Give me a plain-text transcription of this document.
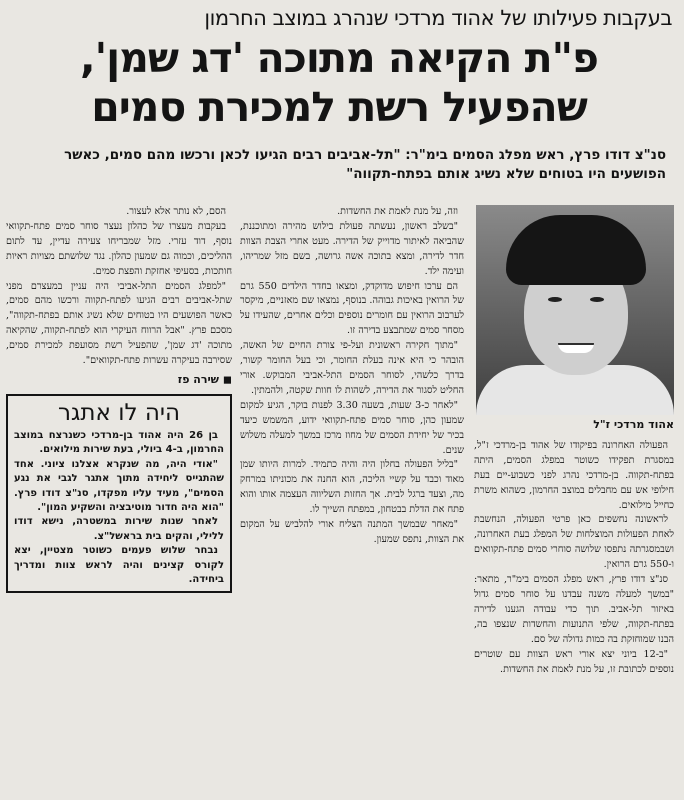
בעקבות פעילותו של אהוד מרדכי שנהרג במוצב החרמון
פ"ת הקיאה מתוכה 'דג שמן',
שהפעיל רשת למכירת סמים
סנ"צ דודו פרץ, ראש מפלג הסמים בימ"ר: "תל-אביבים רבים הגיעו לכאן ורכשו מהם סמים, כאשר הפושעים היו בטוחים שלא נשיג אותם בפתח-תקווה"
אהוד מרדכי ז"ל

הפעולה האחרונה בפיקודו של אהוד בן-מרדכי ז"ל, במסגרת תפקידו כשוטר במפלג הסמים, היתה בפתח-תקווה. בן-מרדכי נהרג לפני כשבוע-יים בעת חילופי אש עם מחבלים במוצב החרמון, כשהוא משרת כחייל מילואים.

לראשונה נחשפים כאן פרטי הפעולה, הנחשבת לאחת הפעולות המוצלחות של המפלג בעת האחרונה, ושבמסגרתה נתפסו שלושה סוחרי סמים פתח-תקוואים ו-550 גרם הרואין.

סנ"צ דודו פרץ, ראש מפלג הסמים בימ"ר, מתאר: "במשך למעלה משנה עבדנו על סוחר סמים גדול באיזור תל-אביב. תוך כדי עבודה הגענו לדירה בפתח-תקווה, שלפי התנועות והחשדות שנצפו בה, הבנו שמוחזקת בה כמות גדולה של סם.

"ב-12 ביוני יצא אורי ראש הצוות עם שוטרים נוספים לכתובת זו, על מנת לאמת את החשדות.

וזה, על מנת לאמת את החשדות.

"בשלב ראשון, נעשתה פעולת בילוש מהירה ומתוכננת, שהביאה לאיתור מדוייק של הדירה. מעט אחרי הצבת הצוות חדר לדירה, ומצא בתוכה אשה גרושה, בשם מזל שמריהו, ועימה ילד.

הם ערכו חיפוש מדוקדק, ומצאו בחדר הילדים 550 גרם של הרואין באיכות גבוהה. בנוסף, נמצאו שם מאזניים, מיקסר לערבוב הרואין עם חומרים נוספים וכלים אחרים, שהעידו על מסחר סמים שמתבצע בדירה זו.

"מתוך חקירה ראשונית ועל-פי צורת החיים של האשה, הובהר כי היא אינה בעלת החומר, וכי בעל החומר קשור, בדרך כלשהי, לסוחר הסמים התל-אביבי המבוקש. אורי החליט לסגור את הדירה, לשהות לו חוות שקטה, ולהמתין.

"לאחר כ-3 שעות, בשעה 3.30 לפנות בוקר, הגיע למקום שמעון כהן, סוחר סמים פתח-תקוואי ידוע, המשמש כיעד בכיר של יחידת הסמים של מחוז מרכז במשך למעלה משלוש שנים.

"בליל הפעולה בחלון היה והיה כתמיד. למרות היותו שמן מאוד וכבד על קשיי הליכה, הוא החנה את מכוניתו במרחק מה, וצעד ברגל לבית. אך החזות השליווה העצמה אותו והוא פתח את הדלת בבטחון, במפתח השייך לו.

"מאחר שבמשך המתנה הצליח אורי להלביש על המקום את הצוות, נתפס שמעון.

הסם, לא נותר אלא לעצור.

בעקבות מעצרו של כהלון נעצר סוחר סמים פתח-תקוואי נוסף, דוד עזרי. מזל שמבריחו צעירה עדיין, עד לתום ההליכים, וכמוה גם שמעון כהלון. נגד שלושתם מצויות ראיות חותכות, בסעיפי אחזקת והפצת סמים.

"למפלג הסמים התל-אביבי היה עניין במעצרם מפני שתל-אביבים רבים הגיעו לפתח-תקווה ורכשו מהם סמים, כאשר הפושעים היו בטוחים שלא נשיג אותם בפתח-תקווה", מסכם פרץ. "אבל הרווח העיקרי הוא לפתח-תקווה, שהקיאה מתוכה 'דג שמן', שהפעיל רשת מסועפת למכירת סמים, שסירבה בעיקרה עשרות פתח-תקוואים".

◼ שירה פז
היה לו אתגר

בן 26 היה אהוד בן-מרדכי כשנרצח במוצב החרמון, ב-4 ביולי, בעת שירות מילואים.

"אודי היה, מה שנקרא אצלנו ציוני. אחד שהתגייס ליחידה מתוך אתגר לגבי את נגע הסמים", מעיד עליו מפקדו, סנ"צ דודו פרץ. "הוא היה חדור מוטיבציה והשקיע המון".

לאחר שנות שירות במשטרה, נישא דודו ללילי, והקים בית בראשל"צ.

נבחר שלוש פעמים כשוטר מצטיין, יצא לקורס קצינים והיה לראש צוות ומדריך ביחידה.
